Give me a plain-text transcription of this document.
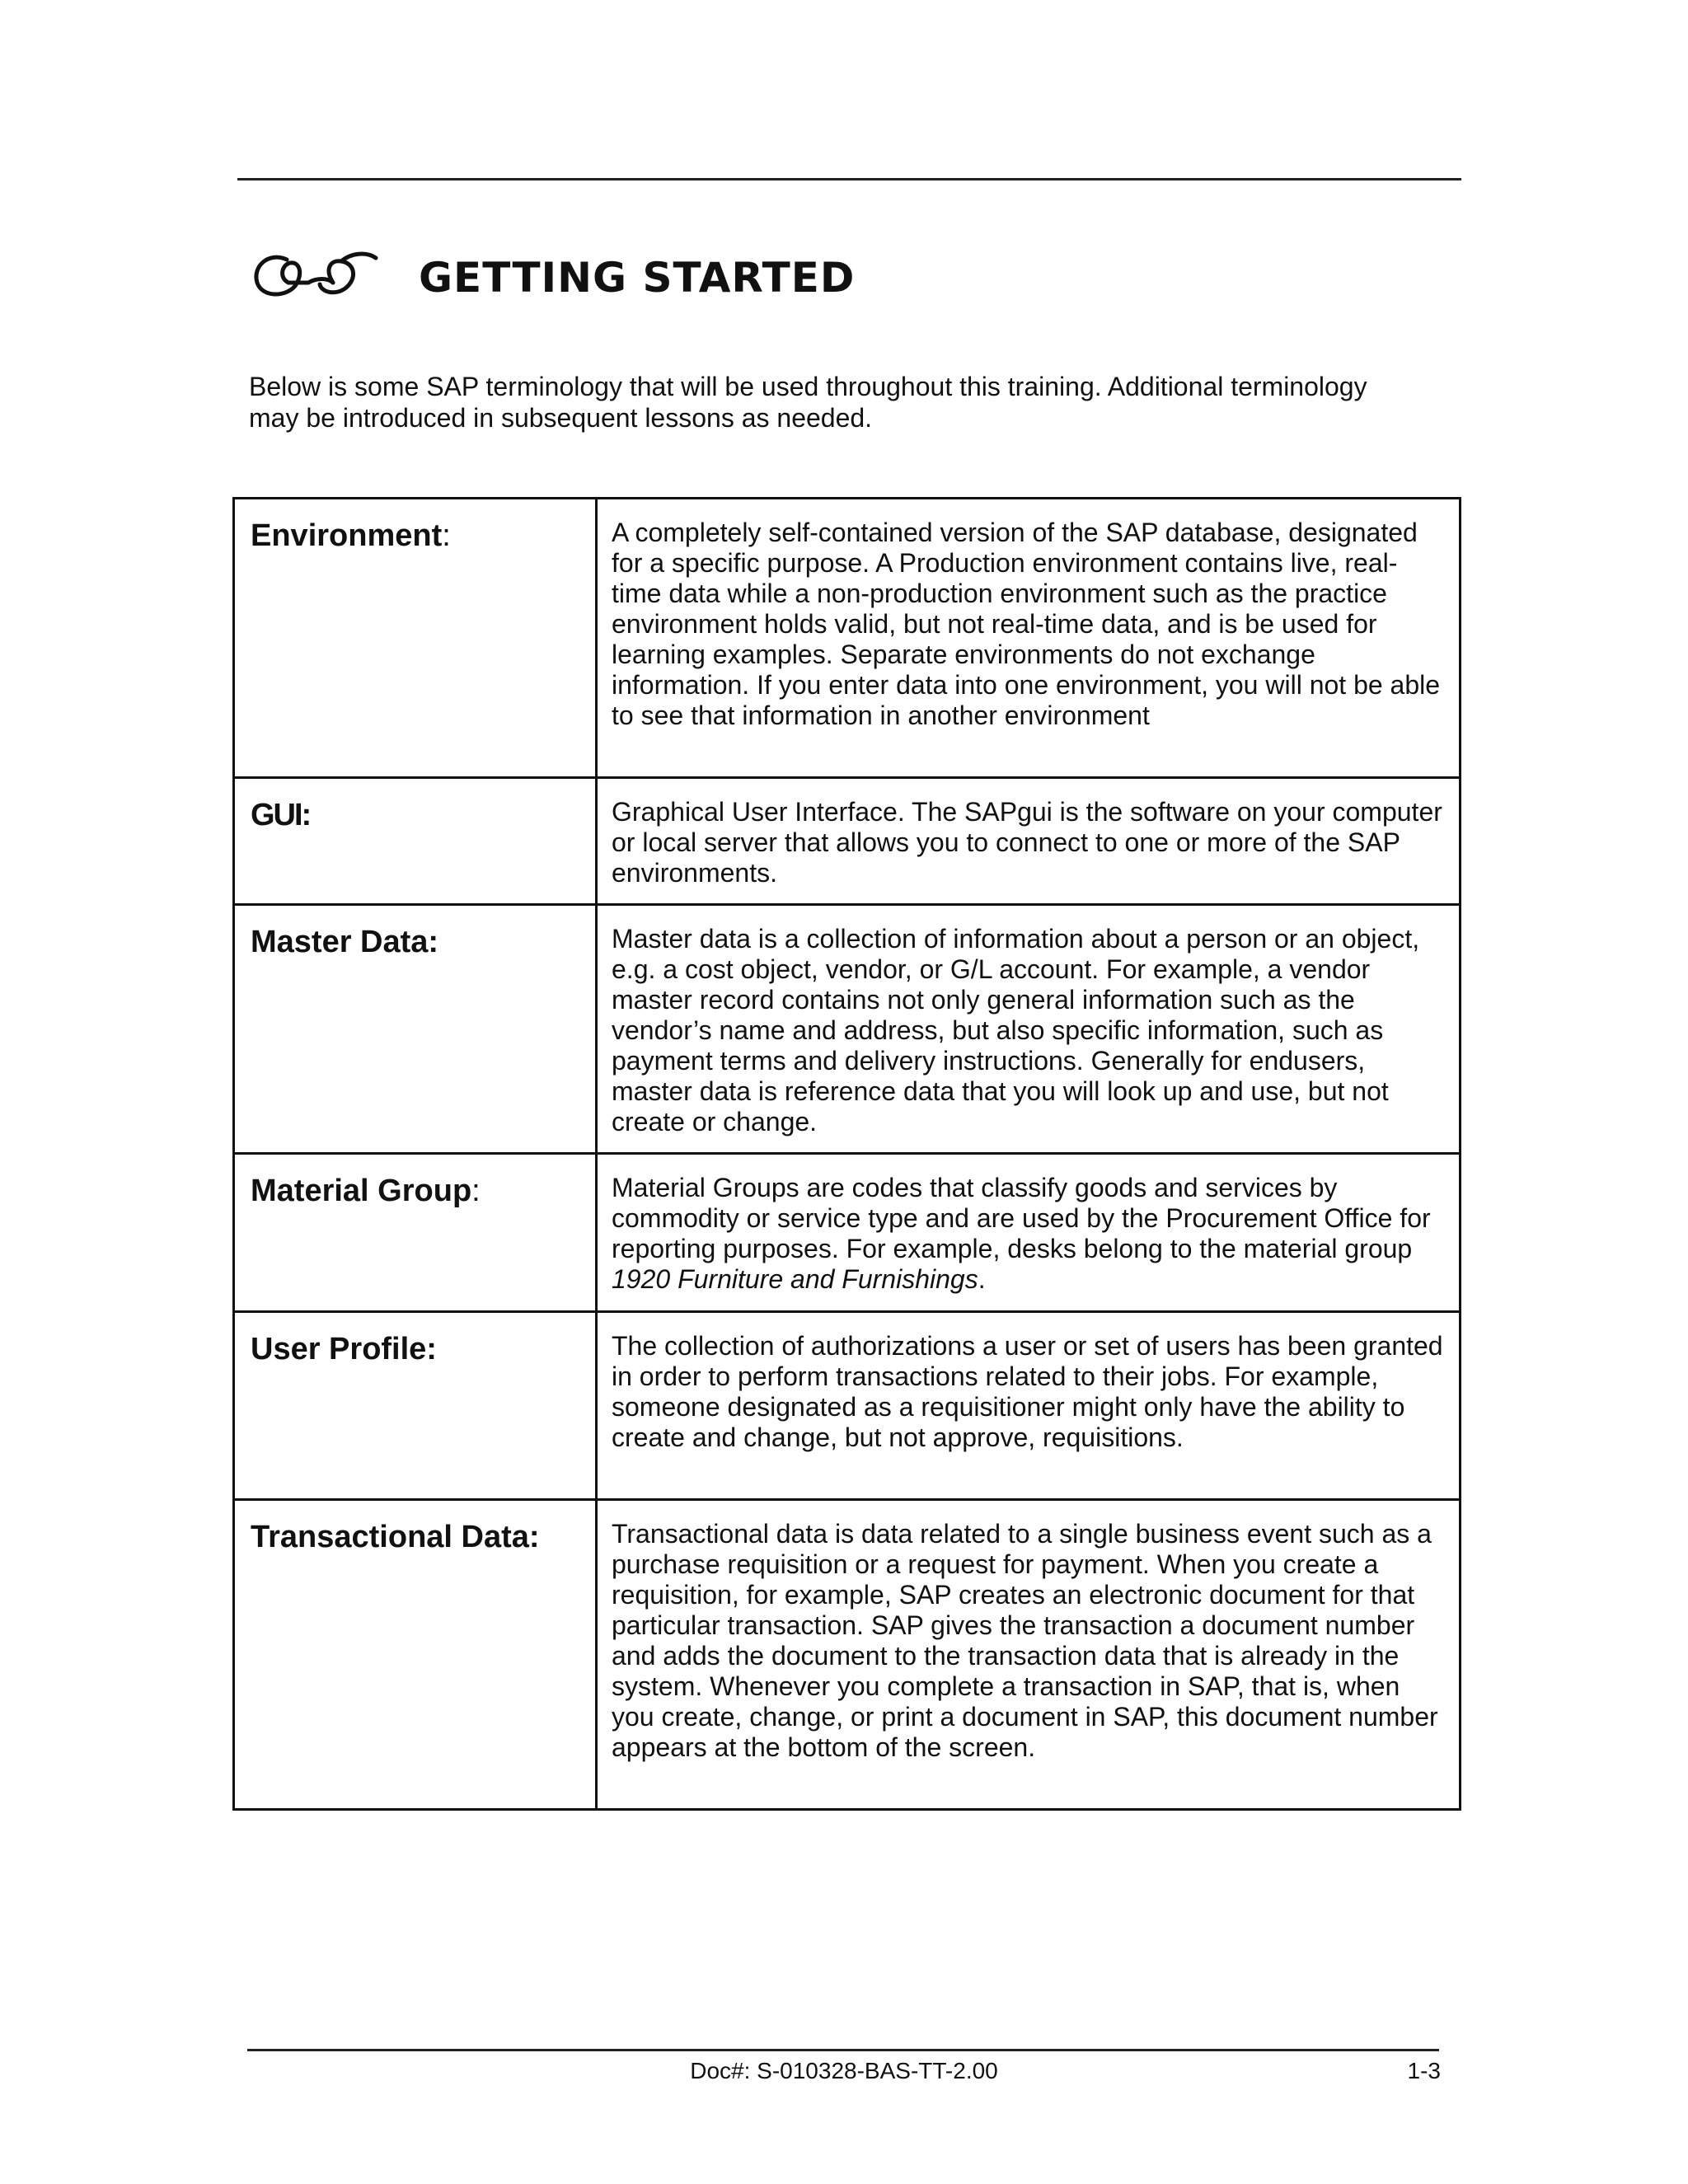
GETTING STARTED

Below is some SAP terminology that will be used throughout this training. Additional terminology may be introduced in subsequent lessons as needed.

Environment:	A completely self-contained version of the SAP database, designated for a specific purpose. A Production environment contains live, real-time data while a non-production environment such as the practice environment holds valid, but not real-time data, and is be used for learning examples. Separate environments do not exchange information. If you enter data into one environment, you will not be able to see that information in another environment
GUI:	Graphical User Interface. The SAPgui is the software on your computer or local server that allows you to connect to one or more of the SAP environments.
Master Data:	Master data is a collection of information about a person or an object, e.g. a cost object, vendor, or G/L account. For example, a vendor master record contains not only general information such as the vendor’s name and address, but also specific information, such as payment terms and delivery instructions. Generally for endusers, master data is reference data that you will look up and use, but not create or change.
Material Group:	Material Groups are codes that classify goods and services by commodity or service type and are used by the Procurement Office for reporting purposes. For example, desks belong to the material group 1920 Furniture and Furnishings.
User Profile:	The collection of authorizations a user or set of users has been granted in order to perform transactions related to their jobs. For example, someone designated as a requisitioner might only have the ability to create and change, but not approve, requisitions.
Transactional Data:	Transactional data is data related to a single business event such as a purchase requisition or a request for payment. When you create a requisition, for example, SAP creates an electronic document for that particular transaction. SAP gives the transaction a document number and adds the document to the transaction data that is already in the system. Whenever you complete a transaction in SAP, that is, when you create, change, or print a document in SAP, this document number appears at the bottom of the screen.
Doc#: S-010328-BAS-TT-2.00	1-3
